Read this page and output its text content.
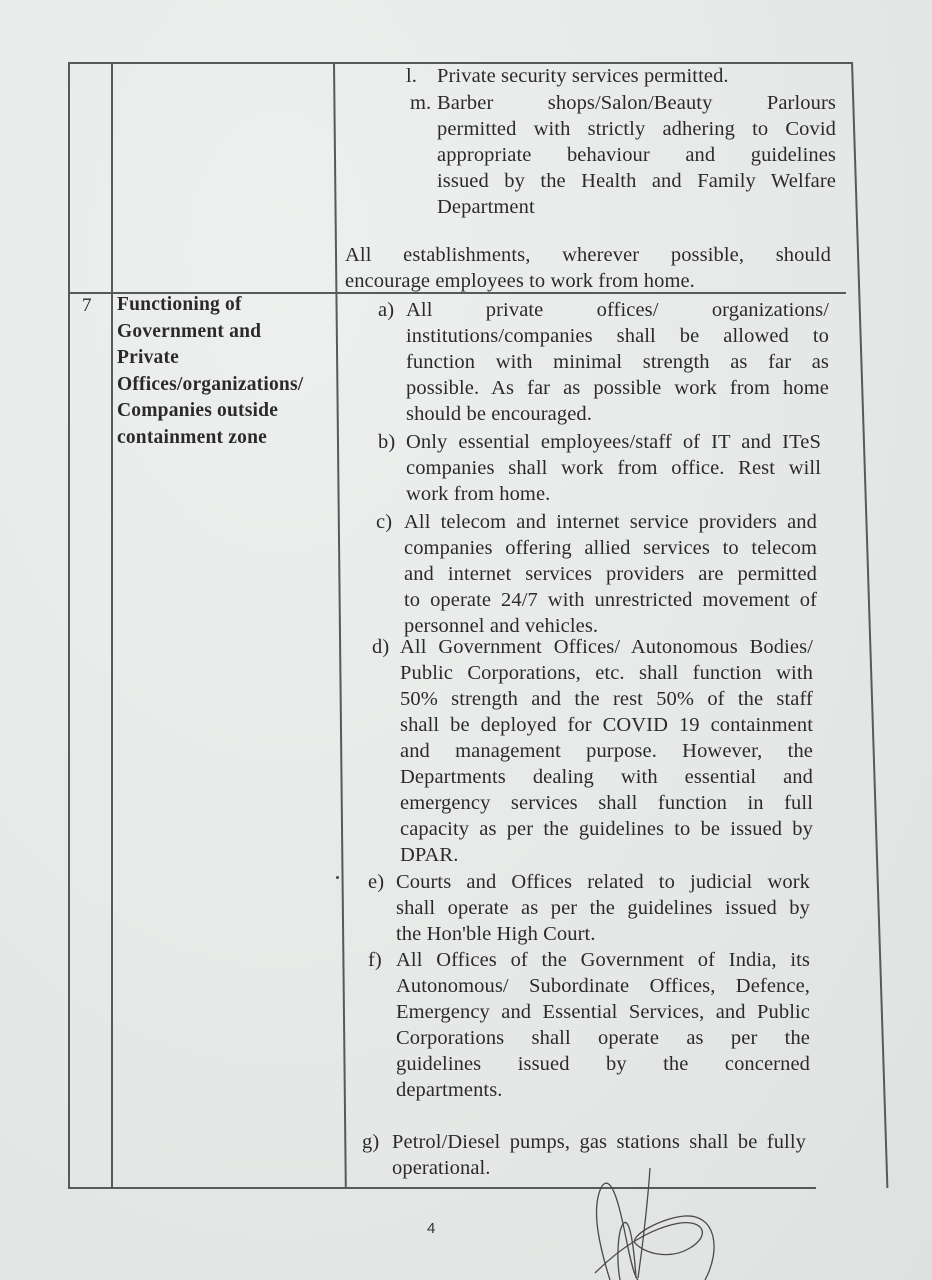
l. Private security services permitted.
m. Barber shops/Salon/Beauty Parlours
permitted with strictly adhering to Covid
appropriate behaviour and guidelines
issued by the Health and Family Welfare
Department
All establishments, wherever possible, should
encourage employees to work from home.
7 Functioning of
Government and
Private
Offices/organizations/
Companies outside
containment zone
a) All private offices/ organizations/
institutions/companies shall be allowed to
function with minimal strength as far as
possible. As far as possible work from home
should be encouraged.
b) Only essential employees/staff of IT and ITeS
companies shall work from office. Rest will
work from home.
c) All telecom and internet service providers and
companies offering allied services to telecom
and internet services providers are permitted
to operate 24/7 with unrestricted movement of
personnel and vehicles.
d) All Government Offices/ Autonomous Bodies/
Public Corporations, etc. shall function with
50% strength and the rest 50% of the staff
shall be deployed for COVID 19 containment
and management purpose. However, the
Departments dealing with essential and
emergency services shall function in full
capacity as per the guidelines to be issued by
DPAR.
e) Courts and Offices related to judicial work
shall operate as per the guidelines issued by
the Hon'ble High Court.
f) All Offices of the Government of India, its
Autonomous/ Subordinate Offices, Defence,
Emergency and Essential Services, and Public
Corporations shall operate as per the
guidelines issued by the concerned
departments.
g) Petrol/Diesel pumps, gas stations shall be fully
operational.
4
